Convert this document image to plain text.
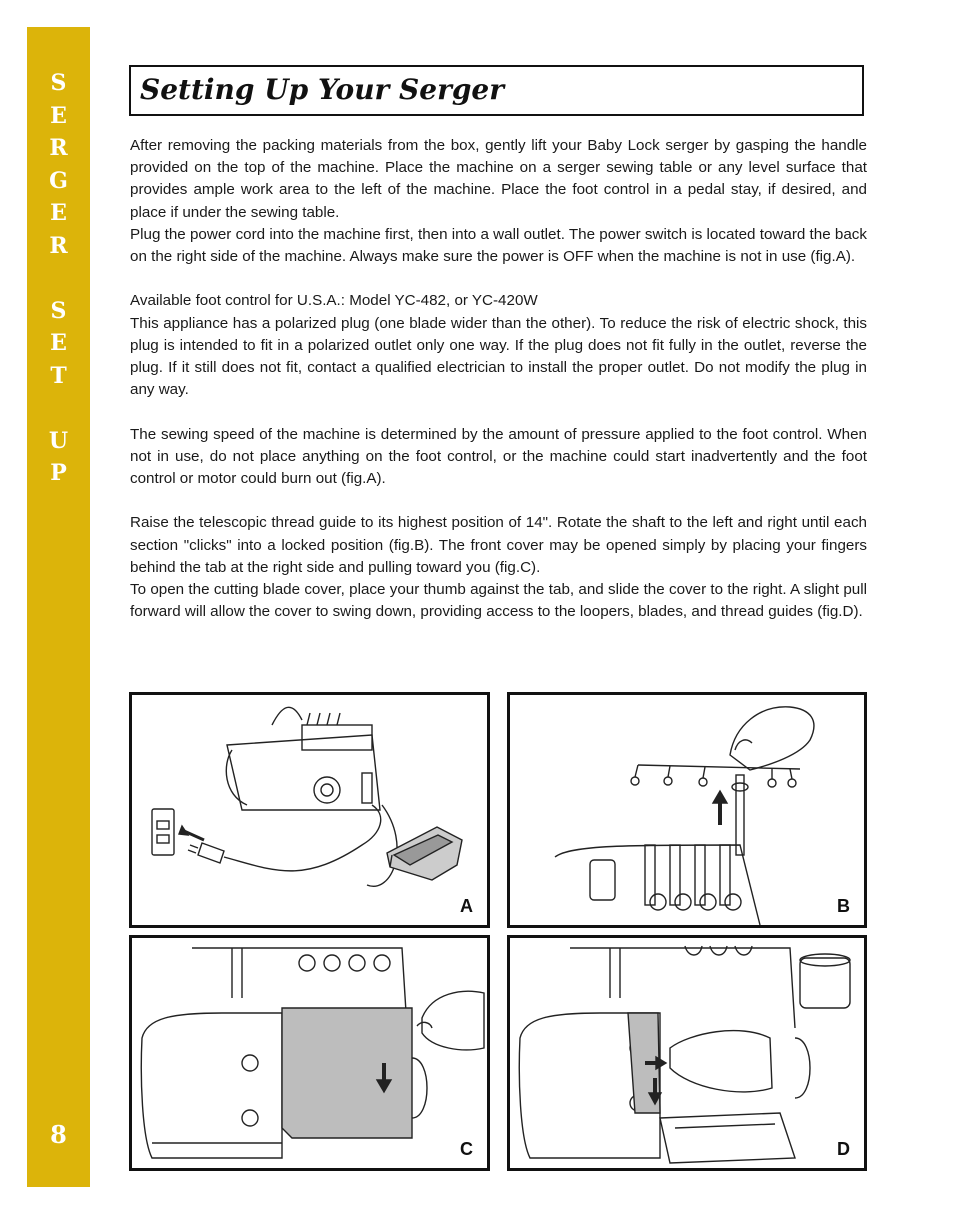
S
E
R
G
E
R
S
E
T
U
P
8
Setting Up Your Serger

After removing the packing materials from the box, gently lift your Baby Lock serger by gasping the handle provided on the top of the machine. Place the machine on a serger sewing table or any level surface that provides ample work area to the left of the machine. Place the foot control in a pedal stay, if desired, and place if under the sewing table.

Plug the power cord into the machine first, then into a wall outlet. The power switch is located toward the back on the right side of the machine. Always make sure the power is OFF when the machine is not in use (fig.A).

Available foot control for U.S.A.: Model YC-482, or YC-420W

This appliance has a polarized plug (one blade wider than the other). To reduce the risk of electric shock, this plug is intended to fit in a polarized outlet only one way. If the plug does not fit fully in the outlet, reverse the plug. If it still does not fit, contact a qualified electrician to install the proper outlet. Do not modify the plug in any way.

The sewing speed of the machine is determined by the amount of pressure applied to the foot control. When not in use, do not place anything on the foot control, or the machine could start inadvertently and the foot control or motor could burn out (fig.A).

Raise the telescopic thread guide to its highest position of 14". Rotate the shaft to the left and right until each section "clicks" into a locked position (fig.B). The front cover may be opened simply by placing your fingers behind the tab at the right side and pulling toward you (fig.C).

To open the cutting blade cover, place your thumb against the tab, and slide the cover to the right. A slight pull forward will allow the cover to swing down, providing access to the loopers, blades, and thread guides (fig.D).

A	B
C	D
